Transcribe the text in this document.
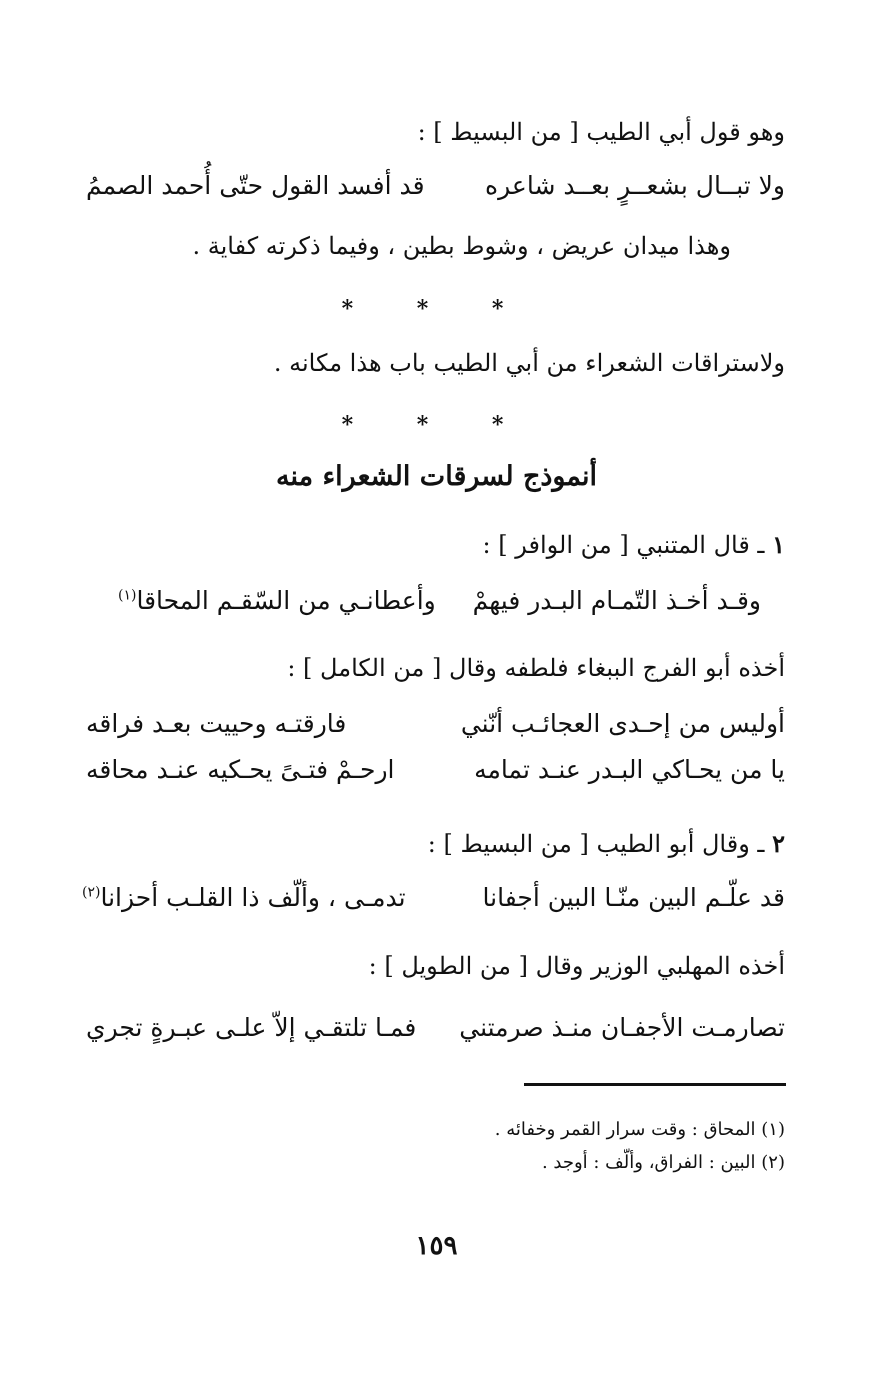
وهو قول أبي الطيب [ من البسيط ] :
ولا تبــال بشعــرٍ بعــد شاعره
قد أفسد القول حتّى أُحمد الصممُ
وهذا ميدان عريض ، وشوط بطين ، وفيما ذكرته كفاية .
* * *
ولاستراقات الشعراء من أبي الطيب باب هذا مكانه .
* * *
أنموذج لسرقات الشعراء منه
١ ـ قال المتنبي [ من الوافر ] :
وقـد أخـذ التّمـام البـدر فيهمْ
وأعطانـي من السّقـم المحاقا$^{(١)}$
أخذه أبو الفرج الببغاء فلطفه وقال [ من الكامل ] :
أوليس من إحـدى العجائـب أنّني
فارقتـه وحييت بعـد فراقه
يا من يحـاكي البـدر عنـد تمامه
ارحـمْ فتـىً يحـكيه عنـد محاقه
٢ ـ وقال أبو الطيب [ من البسيط ] :
قد علّـم البين منّـا البين أجفانا
تدمـى ، وألّف ذا القلـب أحزانا$^{(٢)}$
أخذه المهلبي الوزير وقال [ من الطويل ] :
تصارمـت الأجفـان منـذ صرمتني
فمـا تلتقـي إلاّ علـى عبـرةٍ تجري
(١) المحاق : وقت سرار القمر وخفائه .
(٢) البين : الفراق، وألّف : أوجد .
١٥٩
